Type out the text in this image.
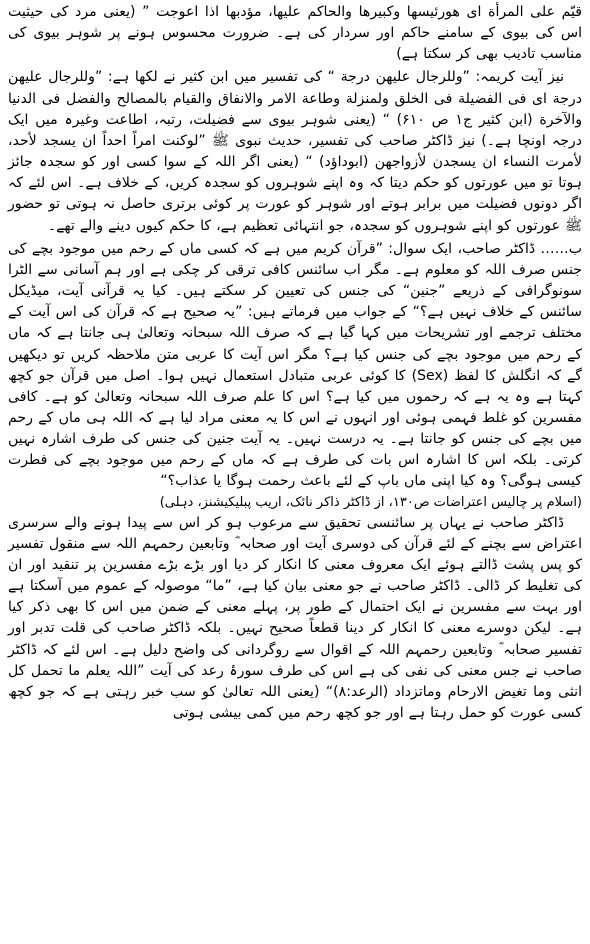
قیّم علی المرأة ای هورئیسها وکبیرها والحاکم علیها، مؤدبها اذا اعوجت ” (یعنی مرد کی حیثیت اس کی بیوی کے سامنے حاکم اور سردار کی ہے۔ ضرورت محسوس ہونے پر شوہر بیوی کی مناسب تادیب بھی کر سکتا ہے)

نیز آیت کریمہ: ”وللرجال علیھن درجة “ کی تفسیر میں ابن کثیر نے لکھا ہے: ”وللرجال علیھن درجة ای فی الفضیلة فی الخلق ولمنزلة وطاعة الامر والانفاق والقیام بالمصالح والفضل فی الدنیا والآخرة (ابن کثیر ج۱ ص ۶۱۰) “ (یعنی شوہر بیوی سے فضیلت، رتبہ، اطاعت وغیرہ میں ایک درجہ اونچا ہے۔) نیز ڈاکٹر صاحب کی تفسیر، حدیث نبوی ﷺ ”لوکنت امراً احداً ان یسجد لأحد، لأمرت النساء ان یسجدن لأزواجھن (ابوداؤد) “ (یعنی اگر اللہ کے سوا کسی اور کو سجدہ جائز ہوتا تو میں عورتوں کو حکم دیتا کہ وہ اپنے شوہروں کو سجدہ کریں، کے خلاف ہے۔ اس لئے کہ اگر دونوں فضیلت میں برابر ہوتے اور شوہر کو عورت پر کوئی برتری حاصل نہ ہوتی تو حضور ﷺ عورتوں کو اپنے شوہروں کو سجدہ، جو انتہائی تعظیم ہے، کا حکم کیوں دینے والے تھے۔

ب…… ڈاکٹر صاحب، ایک سوال: ”قرآن کریم میں ہے کہ کسی ماں کے رحم میں موجود بچے کی جنس صرف اللہ کو معلوم ہے۔ مگر اب سائنس کافی ترقی کر چکی ہے اور ہم آسانی سے الٹرا سونوگرافی کے ذریعے ”جنین“ کی جنس کی تعیین کر سکتے ہیں۔ کیا یہ قرآنی آیت، میڈیکل سائنس کے خلاف نہیں ہے؟“ کے جواب میں فرماتے ہیں: ”یہ صحیح ہے کہ قرآن کی اس آیت کے مختلف ترجمے اور تشریحات میں کہا گیا ہے کہ صرف اللہ سبحانہ وتعالیٰ ہی جانتا ہے کہ ماں کے رحم میں موجود بچے کی جنس کیا ہے؟ مگر اس آیت کا عربی متن ملاحظہ کریں تو دیکھیں گے کہ انگلش کا لفظ (Sex) کا کوئی عربی متبادل استعمال نہیں ہوا۔ اصل میں قرآن جو کچھ کہتا ہے وہ یہ ہے کہ رحموں میں کیا ہے؟ اس کا علم صرف اللہ سبحانہ وتعالیٰ کو ہے۔ کافی مفسرین کو غلط فہمی ہوئی اور انہوں نے اس کا یہ معنی مراد لیا ہے کہ اللہ ہی ماں کے رحم میں بچے کی جنس کو جانتا ہے۔ یہ درست نہیں۔ یہ آیت جنین کی جنس کی طرف اشارہ نہیں کرتی۔ بلکہ اس کا اشارہ اس بات کی طرف ہے کہ ماں کے رحم میں موجود بچے کی فطرت کیسی ہوگی؟ وہ کیا اپنی ماں باپ کے لئے باعث رحمت ہوگا یا عذاب؟“

(اسلام پر چالیس اعتراضات ص۱۳۰، از ڈاکٹر ذاکر نائک، اریب پبلیکیشنز، دہلی)

ڈاکٹر صاحب نے یہاں پر سائنسی تحقیق سے مرعوب ہو کر اس سے پیدا ہونے والے سرسری اعتراض سے بچنے کے لئے قرآن کی دوسری آیت اور صحابہ ؓ وتابعین رحمہم اللہ سے منقول تفسیر کو پس پشت ڈالتے ہوئے ایک معروف معنی کا انکار کر دیا اور بڑے بڑے مفسرین پر تنقید اور ان کی تغلیط کر ڈالی۔ ڈاکٹر صاحب نے جو معنی بیان کیا ہے، ”ما“ موصولہ کے عموم میں آسکتا ہے اور بہت سے مفسرین نے ایک احتمال کے طور پر، پہلے معنی کے ضمن میں اس کا بھی ذکر کیا ہے۔ لیکن دوسرے معنی کا انکار کر دینا قطعاً صحیح نہیں۔ بلکہ ڈاکٹر صاحب کی قلت تدبر اور تفسیر صحابہ ؓ وتابعین رحمہم اللہ کے اقوال سے روگردانی کی واضح دلیل ہے۔ اس لئے کہ ڈاکٹر صاحب نے جس معنی کی نفی کی ہے اس کی طرف سورۂ رعد کی آیت ”اللہ یعلم ما تحمل کل انثی وما تغیض الارحام وماتزداد (الرعد:۸)“ (یعنی اللہ تعالیٰ کو سب خبر رہتی ہے کہ جو کچھ کسی عورت کو حمل رہتا ہے اور جو کچھ رحم میں کمی بیشی ہوتی
